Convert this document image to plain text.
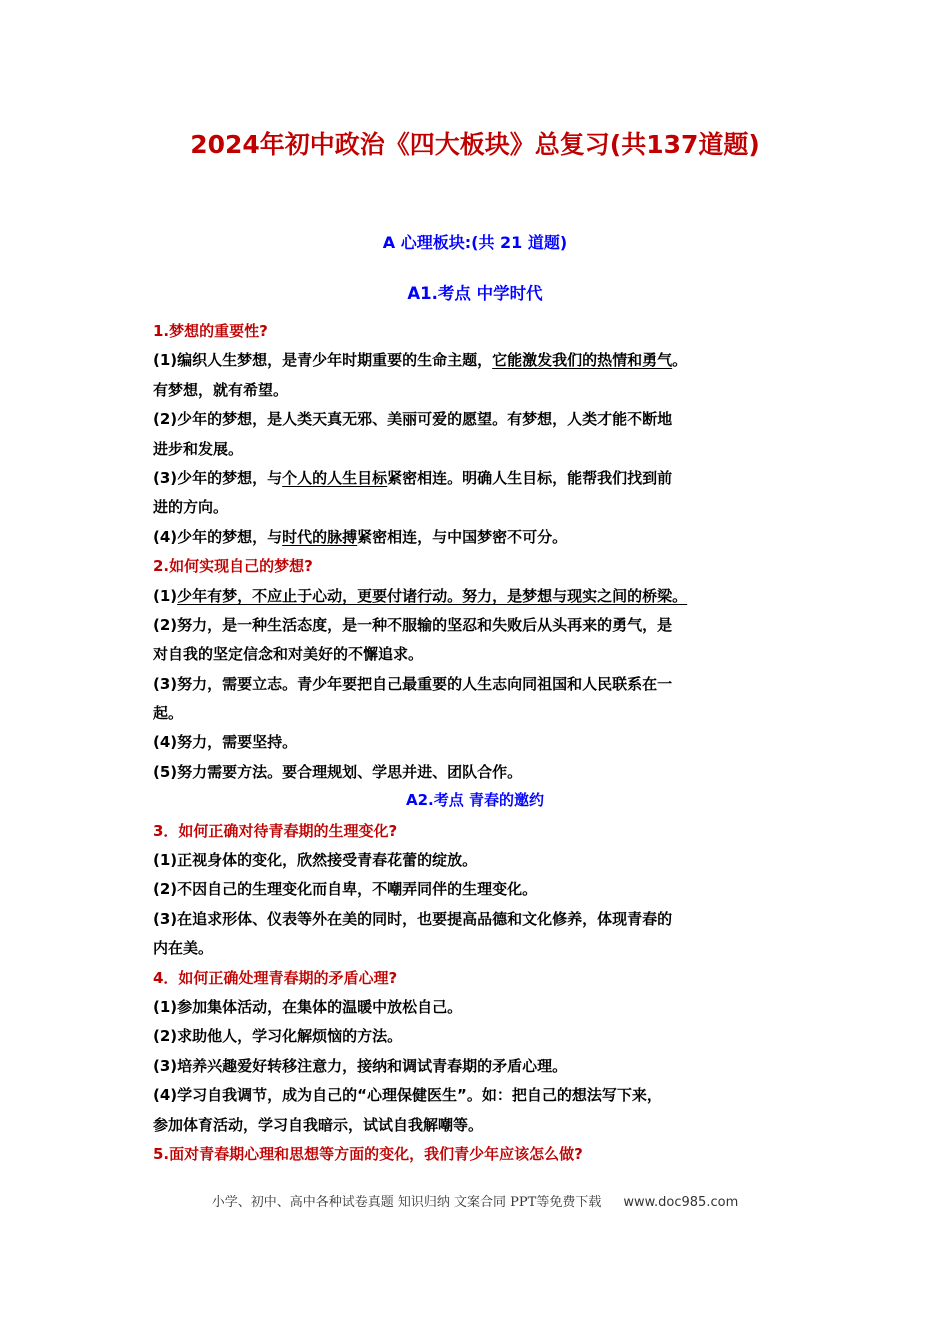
2024年初中政治《四大板块》总复习(共137道题)
A 心理板块:(共 21 道题)
A1.考点 中学时代
1.梦想的重要性?
(1)编织人生梦想，是青少年时期重要的生命主题，它能激发我们的热情和勇气。
有梦想，就有希望。
(2)少年的梦想，是人类天真无邪、美丽可爱的愿望。有梦想，人类才能不断地
进步和发展。
(3)少年的梦想，与个人的人生目标紧密相连。明确人生目标，能帮我们找到前
进的方向。
(4)少年的梦想，与时代的脉搏紧密相连，与中国梦密不可分。
2.如何实现自己的梦想?
(1)少年有梦，不应止于心动，更要付诸行动。努力，是梦想与现实之间的桥梁。
(2)努力，是一种生活态度，是一种不服输的坚忍和失败后从头再来的勇气，是
对自我的坚定信念和对美好的不懈追求。
(3)努力，需要立志。青少年要把自己最重要的人生志向同祖国和人民联系在一
起。
(4)努力，需要坚持。
(5)努力需要方法。要合理规划、学思并进、团队合作。
3．如何正确对待青春期的生理变化?
(1)正视身体的变化，欣然接受青春花蕾的绽放。
(2)不因自己的生理变化而自卑，不嘲弄同伴的生理变化。
(3)在追求形体、仪表等外在美的同时，也要提高品德和文化修养，体现青春的
内在美。
4．如何正确处理青春期的矛盾心理?
(1)参加集体活动，在集体的温暖中放松自己。
(2)求助他人，学习化解烦恼的方法。
(3)培养兴趣爱好转移注意力，接纳和调试青春期的矛盾心理。
(4)学习自我调节，成为自己的“心理保健医生”。如：把自己的想法写下来，
参加体育活动，学习自我暗示，试试自我解嘲等。
5.面对青春期心理和思想等方面的变化，我们青少年应该怎么做?
A2.考点 青春的邀约
小学、初中、高中各种试卷真题 知识归纳 文案合同 PPT等免费下载 www.doc985.com
